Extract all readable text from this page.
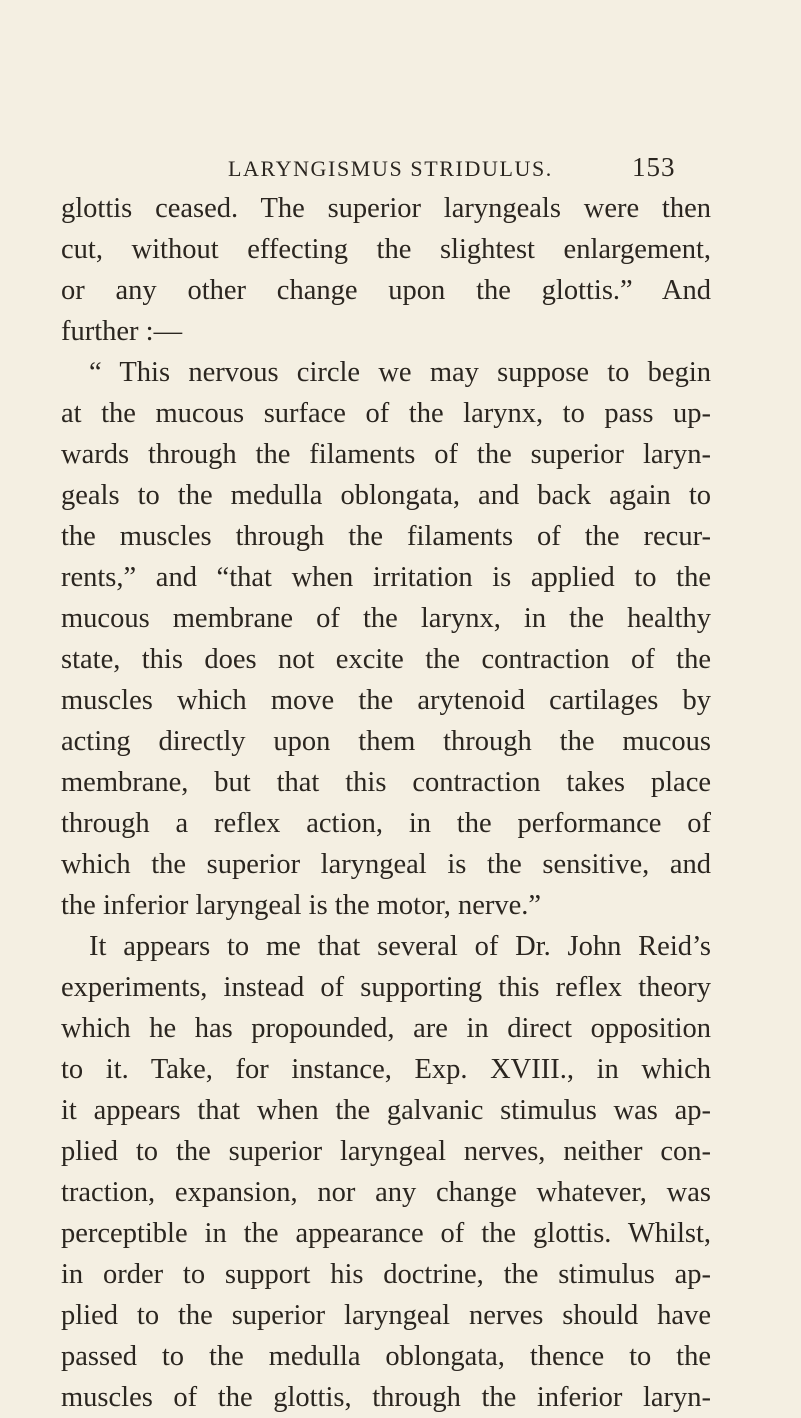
LARYNGISMUS STRIDULUS.	153
glottis ceased. The superior laryngeals were then
cut, without effecting the slightest enlargement,
or any other change upon the glottis.” And
further :—
“ This nervous circle we may suppose to begin
at the mucous surface of the larynx, to pass up-
wards through the filaments of the superior laryn-
geals to the medulla oblongata, and back again to
the muscles through the filaments of the recur-
rents,” and “that when irritation is applied to the
mucous membrane of the larynx, in the healthy
state, this does not excite the contraction of the
muscles which move the arytenoid cartilages by
acting directly upon them through the mucous
membrane, but that this contraction takes place
through a reflex action, in the performance of
which the superior laryngeal is the sensitive, and
the inferior laryngeal is the motor, nerve.”
It appears to me that several of Dr. John Reid’s
experiments, instead of supporting this reflex theory
which he has propounded, are in direct opposition
to it. Take, for instance, Exp. XVIII., in which
it appears that when the galvanic stimulus was ap-
plied to the superior laryngeal nerves, neither con-
traction, expansion, nor any change whatever, was
perceptible in the appearance of the glottis. Whilst,
in order to support his doctrine, the stimulus ap-
plied to the superior laryngeal nerves should have
passed to the medulla oblongata, thence to the
muscles of the glottis, through the inferior laryn-
